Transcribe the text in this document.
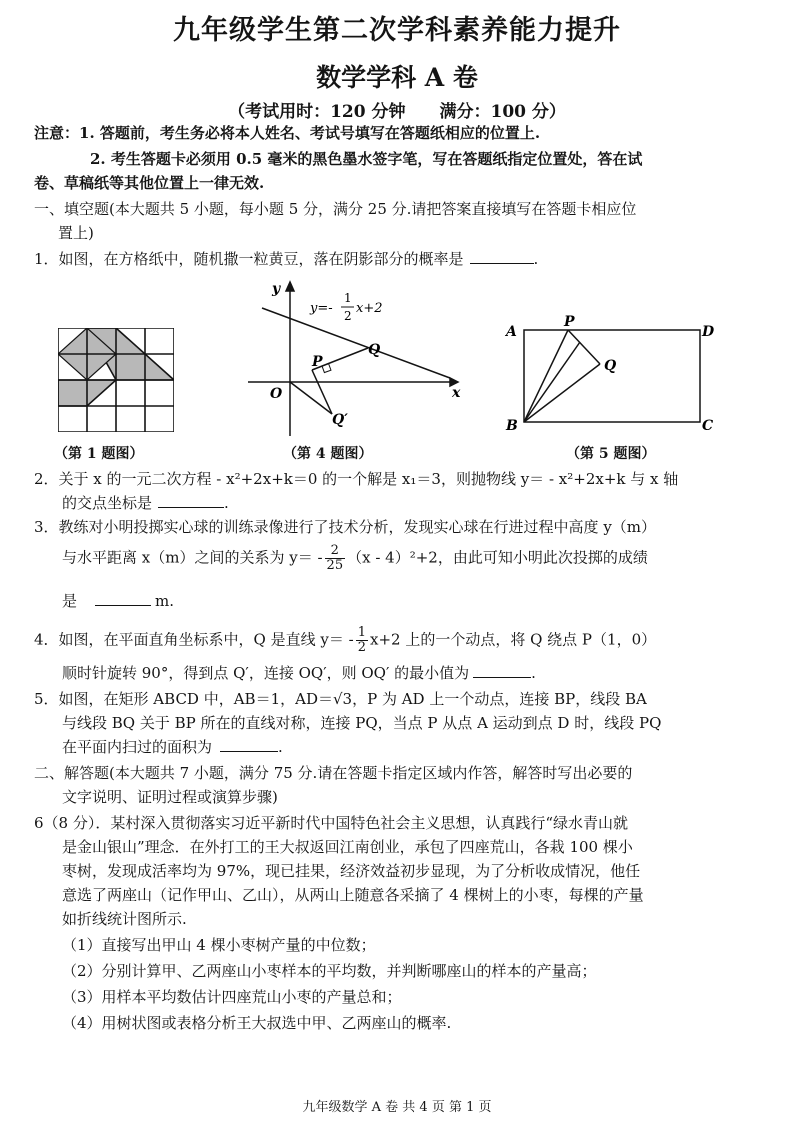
九年级学生第二次学科素养能力提升
数学学科 A 卷
（考试用时：120 分钟　　满分：100 分）
注意：1. 答题前，考生务必将本人姓名、考试号填写在答题纸相应的位置上.
2. 考生答题卡必须用 0.5 毫米的黑色墨水签字笔，写在答题纸指定位置处，答在试
卷、草稿纸等其他位置上一律无效.
一、填空题(本大题共 5 小题，每小题 5 分，满分 25 分.请把答案直接填写在答题卡相应位
置上)
1．如图，在方格纸中，随机撒一粒黄豆，落在阴影部分的概率是	.
（第 1 题图）
y
x
O
P
Q
Q′
y=-
1
2 x+2
（第 4 题图）
A
P
D
Q
B	C
（第 5 题图）
2．关于 x 的一元二次方程 - x²+2x+k＝0 的一个解是 x₁＝3，则抛物线 y＝ - x²+2x+k 与 x 轴
的交点坐标是	.
3．教练对小明投掷实心球的训练录像进行了技术分析，发现实心球在行进过程中高度 y（m）
与水平距离 x（m）之间的关系为 $y= - \frac{2}{25} (x - 4)^2+2$，由此可知小明此次投掷的成绩
是	m.
4．如图，在平面直角坐标系中，Q 是直线 $y= - \frac{1}{2} x+2$ 上的一个动点，将 Q 绕点 P（1，0）
顺时针旋转 90°，得到点 Q′，连接 OQ′，则 OQ′ 的最小值为	.
5．如图，在矩形 ABCD 中，AB＝1，AD＝√3，P 为 AD 上一个动点，连接 BP，线段 BA
与线段 BQ 关于 BP 所在的直线对称，连接 PQ，当点 P 从点 A 运动到点 D 时，线段 PQ
在平面内扫过的面积为	.
二、解答题(本大题共 7 小题，满分 75 分.请在答题卡指定区域内作答，解答时写出必要的
文字说明、证明过程或演算步骤)
6（8 分）．某村深入贯彻落实习近平新时代中国特色社会主义思想，认真践行“绿水青山就
是金山银山”理念．在外打工的王大叔返回江南创业，承包了四座荒山，各栽 100 棵小
枣树，发现成活率均为 97%，现已挂果，经济效益初步显现，为了分析收成情况，他任
意选了两座山（记作甲山、乙山），从两山上随意各采摘了 4 棵树上的小枣，每棵的产量
如折线统计图所示.
（1）直接写出甲山 4 棵小枣树产量的中位数；
（2）分别计算甲、乙两座山小枣样本的平均数，并判断哪座山的样本的产量高；
（3）用样本平均数估计四座荒山小枣的产量总和；
（4）用树状图或表格分析王大叔选中甲、乙两座山的概率.
九年级数学 A 卷 共 4 页 第 1 页
